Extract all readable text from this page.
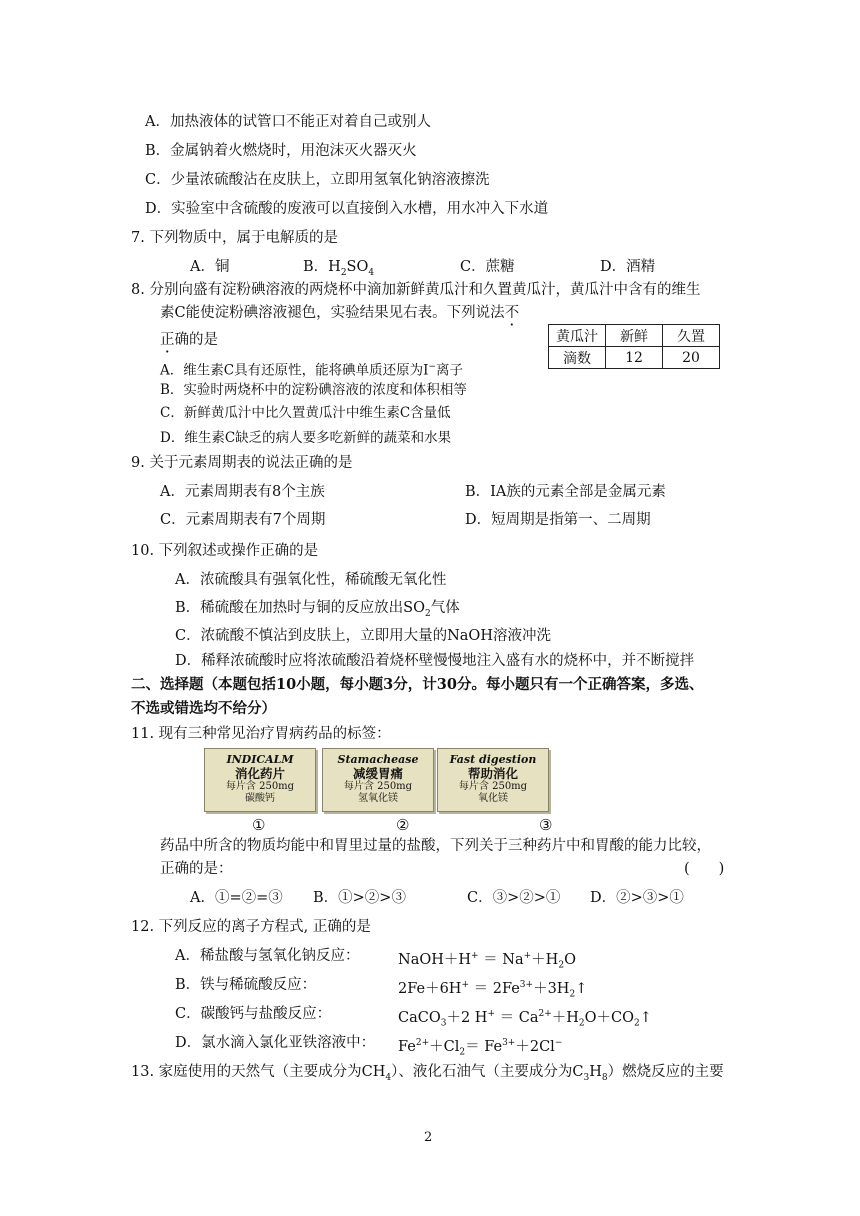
A．加热液体的试管口不能正对着自己或别人
B．金属钠着火燃烧时，用泡沫灭火器灭火
C．少量浓硫酸沾在皮肤上，立即用氢氧化钠溶液擦洗
D．实验室中含硫酸的废液可以直接倒入水槽，用水冲入下水道
7. 下列物质中，属于电解质的是
A．铜	B．$H_2SO_4$	C．蔗糖	D．酒精
8. 分别向盛有淀粉碘溶液的两烧杯中滴加新鲜黄瓜汁和久置黄瓜汁，黄瓜汁中含有的维生
素C能使淀粉碘溶液褪色，实验结果见右表。下列说法不
正确的是
A．维生素C具有还原性，能将碘单质还原为I−离子
B．实验时两烧杯中的淀粉碘溶液的浓度和体积相等
C．新鲜黄瓜汁中比久置黄瓜汁中维生素C含量低
D．维生素C缺乏的病人要多吃新鲜的蔬菜和水果
黄瓜汁	新鲜	久置
滴数	12	20
9. 关于元素周期表的说法正确的是
A．元素周期表有8个主族	B．ⅠA族的元素全部是金属元素
C．元素周期表有7个周期	D．短周期是指第一、二周期
10. 下列叙述或操作正确的是
A．浓硫酸具有强氧化性，稀硫酸无氧化性
B．稀硫酸在加热时与铜的反应放出$SO_2$气体
C．浓硫酸不慎沾到皮肤上，立即用大量的NaOH溶液冲洗
D．稀释浓硫酸时应将浓硫酸沿着烧杯壁慢慢地注入盛有水的烧杯中，并不断搅拌
二、选择题（本题包括10小题，每小题3分，计30分。每小题只有一个正确答案，多选、
不选或错选均不给分）
11. 现有三种常见治疗胃病药品的标签：
INDICALM
消化药片
每片含 250mg
碳酸钙
Stamachease
减缓胃痛
每片含 250mg
氢氧化镁
Fast digestion
帮助消化
每片含 250mg
氧化镁
①	②	③
药品中所含的物质均能中和胃里过量的盐酸，下列关于三种药片中和胃酸的能力比较，
正确的是：	(　　)
A．①=②=③ B．①>②>③	C．③>②>① D．②>③>①
12. 下列反应的离子方程式, 正确的是
A．稀盐酸与氢氧化钠反应：	NaOH＋H+ ＝ $Na^++H_2O$
B．铁与稀硫酸反应：	$2Fe+6H^+ = 2Fe^{3+}+3H_2↑$
C．碳酸钙与盐酸反应：	CaCO$_3$＋2 $H^+ = Ca^{2+}+H_2O+CO_2↑$
D．氯水滴入氯化亚铁溶液中： $Fe^{2+}+Cl_2= Fe^{3+}+2Cl^-$
13. 家庭使用的天然气（主要成分为$CH_4$）、液化石油气（主要成分为$C_3H_8$）燃烧反应的主要
2
